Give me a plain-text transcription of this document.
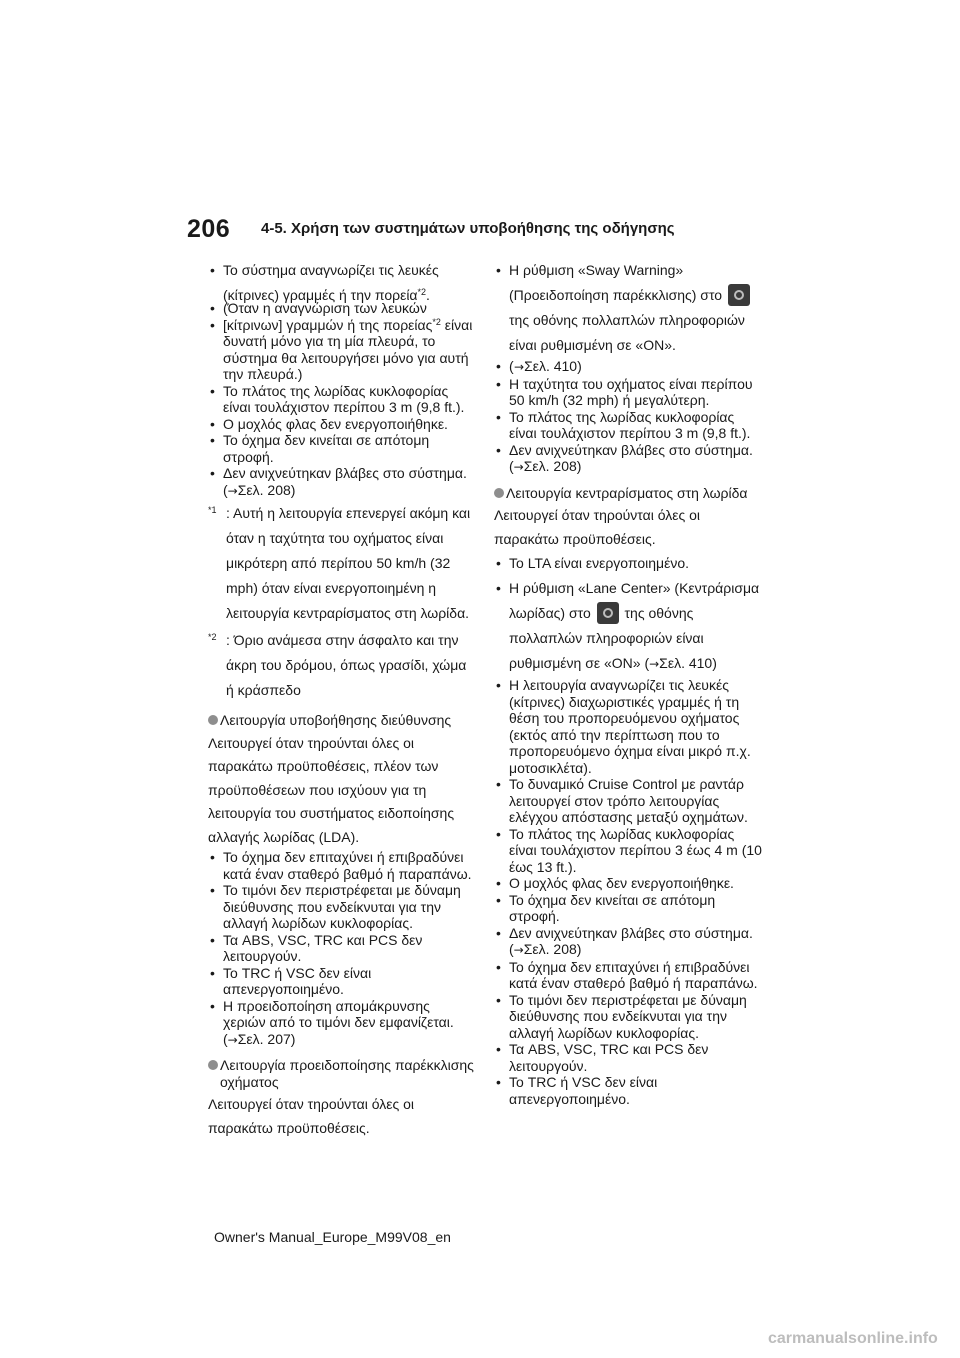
206 4-5. Χρήση των συστημάτων υποβοήθησης της οδήγησης
• Το σύστημα αναγνωρίζει τις λευκές
(κίτρινες) γραμμές ή την πορεία$^{*2}$.
• (Όταν η αναγνώριση των λευκών
• [κίτρινων] γραμμών ή της πορείας$^{*2}$ είναι δυνατή μόνο για τη μία πλευρά, το σύστημα θα λειτουργήσει μόνο για αυτή την πλευρά.)
• Το πλάτος της λωρίδας κυκλοφορίας είναι τουλάχιστον περίπου 3 m (9,8 ft.).
• Ο μοχλός φλας δεν ενεργοποιήθηκε.
• Το όχημα δεν κινείται σε απότομη στροφή.
• Δεν ανιχνεύτηκαν βλάβες στο σύστημα. (→Σελ. 208)
$^{*1}$ : Αυτή η λειτουργία επενεργεί ακόμη και όταν η ταχύτητα του οχήματος είναι μικρότερη από περίπου 50 km/h (32 mph) όταν είναι ενεργοποιημένη η λειτουργία κεντραρίσματος στη λωρίδα.
$^{*2}$ : Όριο ανάμεσα στην άσφαλτο και την άκρη του δρόμου, όπως γρασίδι, χώμα ή κράσπεδο
Λειτουργία υποβοήθησης διεύθυνσης
Λειτουργεί όταν τηρούνται όλες οι παρακάτω προϋποθέσεις, πλέον των προϋποθέσεων που ισχύουν για τη λειτουργία του συστήματος ειδοποίησης αλλαγής λωρίδας (LDA).
• Το όχημα δεν επιταχύνει ή επιβραδύνει κατά έναν σταθερό βαθμό ή παραπάνω.
• Το τιμόνι δεν περιστρέφεται με δύναμη διεύθυνσης που ενδείκνυται για την αλλαγή λωρίδων κυκλοφορίας.
• Τα ABS, VSC, TRC και PCS δεν λειτουργούν.
• Το TRC ή VSC δεν είναι απενεργοποιημένο.
• Η προειδοποίηση απομάκρυνσης χεριών από το τιμόνι δεν εμφανίζεται. (→Σελ. 207)
Λειτουργία προειδοποίησης παρέκκλισης οχήματος
Λειτουργεί όταν τηρούνται όλες οι παρακάτω προϋποθέσεις.
• Η ρύθμιση «Sway Warning» (Προειδοποίηση παρέκκλισης) στο  της οθόνης πολλαπλών πληροφοριών είναι ρυθμισμένη σε «ON».
• ( →Σελ. 410)
• Η ταχύτητα του οχήματος είναι περίπου 50 km/h (32 mph) ή μεγαλύτερη.
• Το πλάτος της λωρίδας κυκλοφορίας είναι τουλάχιστον περίπου 3 m (9,8 ft.).
• Δεν ανιχνεύτηκαν βλάβες στο σύστημα. (→Σελ. 208)
Λειτουργία κεντραρίσματος στη λωρίδα
Λειτουργεί όταν τηρούνται όλες οι παρακάτω προϋποθέσεις.
• Το LTA είναι ενεργοποιημένο.
• Η ρύθμιση «Lane Center» (Κεντράρισμα λωρίδας) στο της οθόνης πολλαπλών πληροφοριών είναι ρυθμισμένη σε «ON» (→Σελ. 410)
• Η λειτουργία αναγνωρίζει τις λευκές (κίτρινες) διαχωριστικές γραμμές ή τη θέση του προπορευόμενου οχήματος (εκτός από την περίπτωση που το προπορευόμενο όχημα είναι μικρό π.χ. μοτοσικλέτα).
• Το δυναμικό Cruise Control με ραντάρ λειτουργεί στον τρόπο λειτουργίας ελέγχου απόστασης μεταξύ οχημάτων.
• Το πλάτος της λωρίδας κυκλοφορίας είναι τουλάχιστον περίπου 3 έως 4 m (10 έως 13 ft.).
• Ο μοχλός φλας δεν ενεργοποιήθηκε.
• Το όχημα δεν κινείται σε απότομη στροφή.
• Δεν ανιχνεύτηκαν βλάβες στο σύστημα. (→Σελ. 208)
• Το όχημα δεν επιταχύνει ή επιβραδύνει κατά έναν σταθερό βαθμό ή παραπάνω.
• Το τιμόνι δεν περιστρέφεται με δύναμη διεύθυνσης που ενδείκνυται για την αλλαγή λωρίδων κυκλοφορίας.
• Τα ABS, VSC, TRC και PCS δεν λειτουργούν.
• Το TRC ή VSC δεν είναι απενεργοποιημένο.
Owner's Manual_Europe_M99V08_en
carmanualsonline.info
